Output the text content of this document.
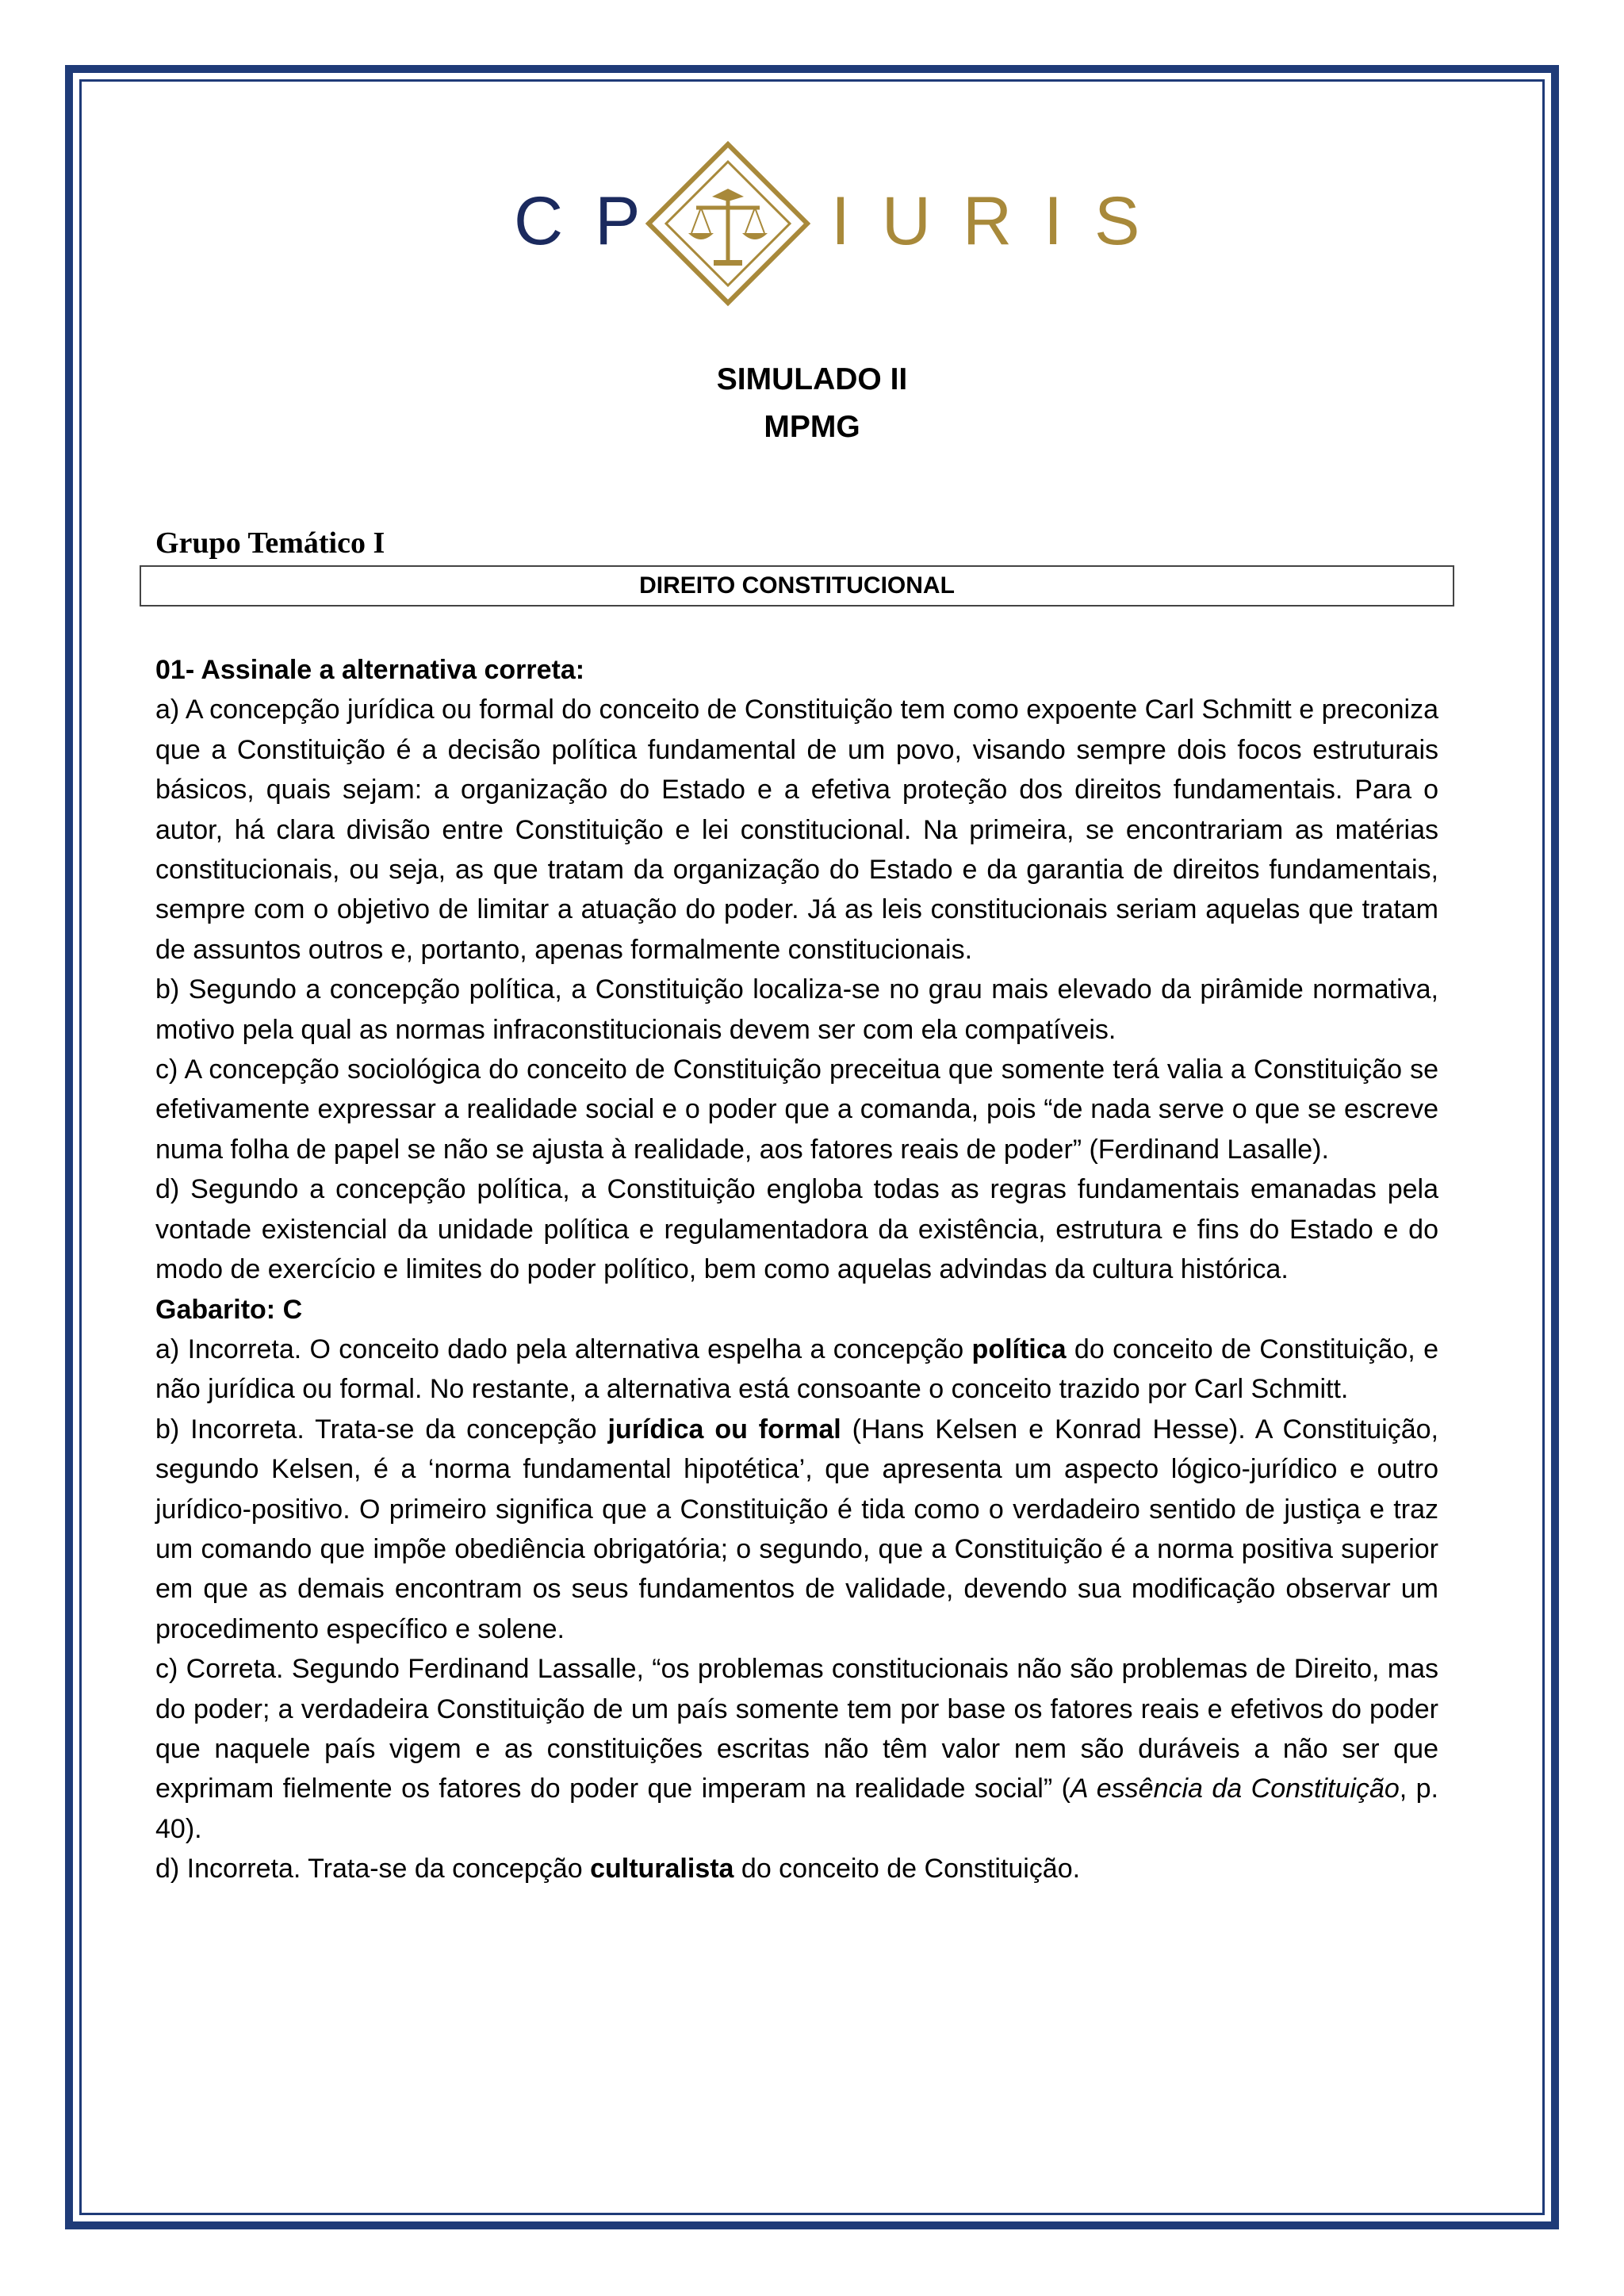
CP IURIS
SIMULADO II
MPMG
Grupo Temático I
DIREITO CONSTITUCIONAL

01- Assinale a alternativa correta:

a) A concepção jurídica ou formal do conceito de Constituição tem como expoente Carl Schmitt e preconiza que a Constituição é a decisão política fundamental de um povo, visando sempre dois focos estruturais básicos, quais sejam: a organização do Estado e a efetiva proteção dos direitos fundamentais. Para o autor, há clara divisão entre Constituição e lei constitucional. Na primeira, se encontrariam as matérias constitucionais, ou seja, as que tratam da organização do Estado e da garantia de direitos fundamentais, sempre com o objetivo de limitar a atuação do poder. Já as leis constitucionais seriam aquelas que tratam de assuntos outros e, portanto, apenas formalmente constitucionais.

b) Segundo a concepção política, a Constituição localiza-se no grau mais elevado da pirâmide normativa, motivo pela qual as normas infraconstitucionais devem ser com ela compatíveis.

c) A concepção sociológica do conceito de Constituição preceitua que somente terá valia a Constituição se efetivamente expressar a realidade social e o poder que a comanda, pois “de nada serve o que se escreve numa folha de papel se não se ajusta à realidade, aos fatores reais de poder” (Ferdinand Lasalle).

d) Segundo a concepção política, a Constituição engloba todas as regras fundamentais emanadas pela vontade existencial da unidade política e regulamentadora da existência, estrutura e fins do Estado e do modo de exercício e limites do poder político, bem como aquelas advindas da cultura histórica.

Gabarito: C

a) Incorreta. O conceito dado pela alternativa espelha a concepção política do conceito de Constituição, e não jurídica ou formal. No restante, a alternativa está consoante o conceito trazido por Carl Schmitt.

b) Incorreta. Trata-se da concepção jurídica ou formal (Hans Kelsen e Konrad Hesse). A Constituição, segundo Kelsen, é a ‘norma fundamental hipotética’, que apresenta um aspecto lógico-jurídico e outro jurídico-positivo. O primeiro significa que a Constituição é tida como o verdadeiro sentido de justiça e traz um comando que impõe obediência obrigatória; o segundo, que a Constituição é a norma positiva superior em que as demais encontram os seus fundamentos de validade, devendo sua modificação observar um procedimento específico e solene.

c) Correta. Segundo Ferdinand Lassalle, “os problemas constitucionais não são problemas de Direito, mas do poder; a verdadeira Constituição de um país somente tem por base os fatores reais e efetivos do poder que naquele país vigem e as constituições escritas não têm valor nem são duráveis a não ser que exprimam fielmente os fatores do poder que imperam na realidade social” (A essência da Constituição, p. 40).

d) Incorreta. Trata-se da concepção culturalista do conceito de Constituição.
